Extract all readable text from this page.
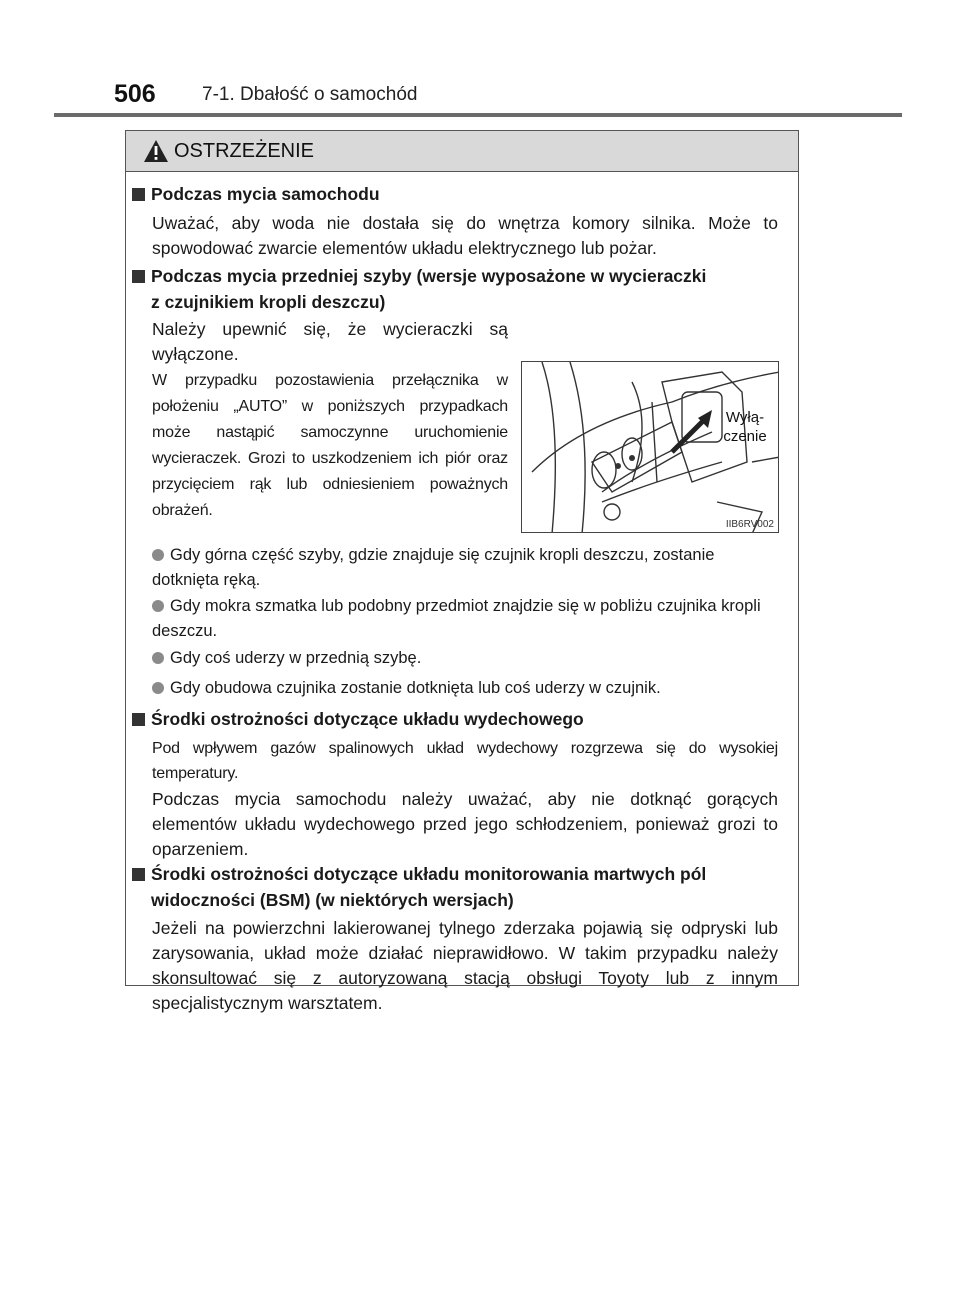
506 7-1. Dbałość o samochód
OSTRZEŻENIE
Podczas mycia samochodu
Uważać, aby woda nie dostała się do wnętrza komory silnika. Może to spowodować zwarcie elementów układu elektrycznego lub pożar.
Podczas mycia przedniej szyby (wersje wyposażone w wycieraczki
z czujnikiem kropli deszczu)
Należy upewnić się, że wycieraczki są wyłączone.
W przypadku pozostawienia przełącznika w położeniu „AUTO” w poniższych przypadkach może nastąpić samoczynne uruchomienie wycieraczek. Grozi to uszkodzeniem ich piór oraz przycięciem rąk lub odniesieniem poważnych obrażeń.
Wyłą- czenie
IIB6RV002
Gdy górna część szyby, gdzie znajduje się czujnik kropli deszczu, zostanie dotknięta ręką.
Gdy mokra szmatka lub podobny przedmiot znajdzie się w pobliżu czujnika kropli deszczu.
Gdy coś uderzy w przednią szybę.
Gdy obudowa czujnika zostanie dotknięta lub coś uderzy w czujnik.
Środki ostrożności dotyczące układu wydechowego
Pod wpływem gazów spalinowych układ wydechowy rozgrzewa się do wysokiej temperatury.
Podczas mycia samochodu należy uważać, aby nie dotknąć gorących elementów układu wydechowego przed jego schłodzeniem, ponieważ grozi to oparzeniem.
Środki ostrożności dotyczące układu monitorowania martwych pól
widoczności (BSM) (w niektórych wersjach)
Jeżeli na powierzchni lakierowanej tylnego zderzaka pojawią się odpryski lub zarysowania, układ może działać nieprawidłowo. W takim przypadku należy skonsultować się z autoryzowaną stacją obsługi Toyoty lub z innym specjalistycznym warsztatem.
